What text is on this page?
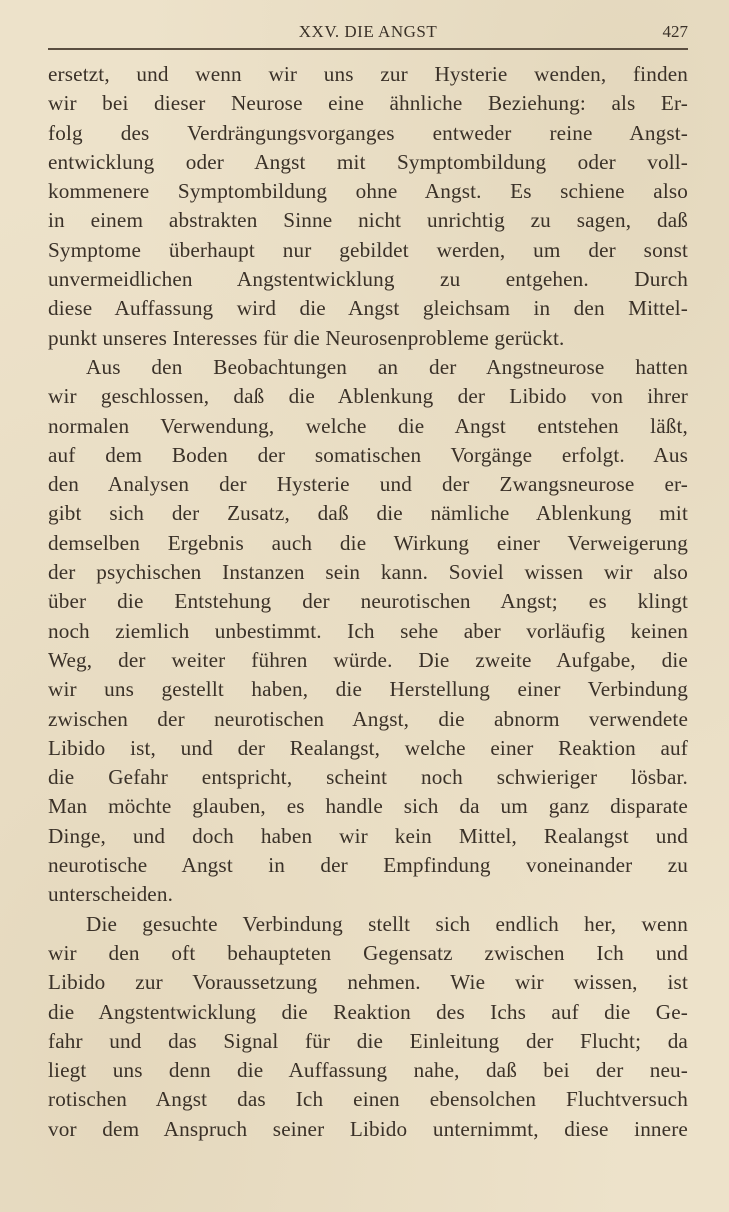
XXV. DIE ANGST	427
ersetzt, und wenn wir uns zur Hysterie wenden, finden
wir bei dieser Neurose eine ähnliche Beziehung: als Er-
folg des Verdrängungsvorganges entweder reine Angst-
entwicklung oder Angst mit Symptombildung oder voll-
kommenere Symptombildung ohne Angst. Es schiene also
in einem abstrakten Sinne nicht unrichtig zu sagen, daß
Symptome überhaupt nur gebildet werden, um der sonst
unvermeidlichen Angstentwicklung zu entgehen. Durch
diese Auffassung wird die Angst gleichsam in den Mittel-
punkt unseres Interesses für die Neurosenprobleme gerückt.
Aus den Beobachtungen an der Angstneurose hatten
wir geschlossen, daß die Ablenkung der Libido von ihrer
normalen Verwendung, welche die Angst entstehen läßt,
auf dem Boden der somatischen Vorgänge erfolgt. Aus
den Analysen der Hysterie und der Zwangsneurose er-
gibt sich der Zusatz, daß die nämliche Ablenkung mit
demselben Ergebnis auch die Wirkung einer Verweigerung
der psychischen Instanzen sein kann. Soviel wissen wir also
über die Entstehung der neurotischen Angst; es klingt
noch ziemlich unbestimmt. Ich sehe aber vorläufig keinen
Weg, der weiter führen würde. Die zweite Aufgabe, die
wir uns gestellt haben, die Herstellung einer Verbindung
zwischen der neurotischen Angst, die abnorm verwendete
Libido ist, und der Realangst, welche einer Reaktion auf
die Gefahr entspricht, scheint noch schwieriger lösbar.
Man möchte glauben, es handle sich da um ganz disparate
Dinge, und doch haben wir kein Mittel, Realangst und
neurotische Angst in der Empfindung voneinander zu
unterscheiden.
Die gesuchte Verbindung stellt sich endlich her, wenn
wir den oft behaupteten Gegensatz zwischen Ich und
Libido zur Voraussetzung nehmen. Wie wir wissen, ist
die Angstentwicklung die Reaktion des Ichs auf die Ge-
fahr und das Signal für die Einleitung der Flucht; da
liegt uns denn die Auffassung nahe, daß bei der neu-
rotischen Angst das Ich einen ebensolchen Fluchtversuch
vor dem Anspruch seiner Libido unternimmt, diese innere
